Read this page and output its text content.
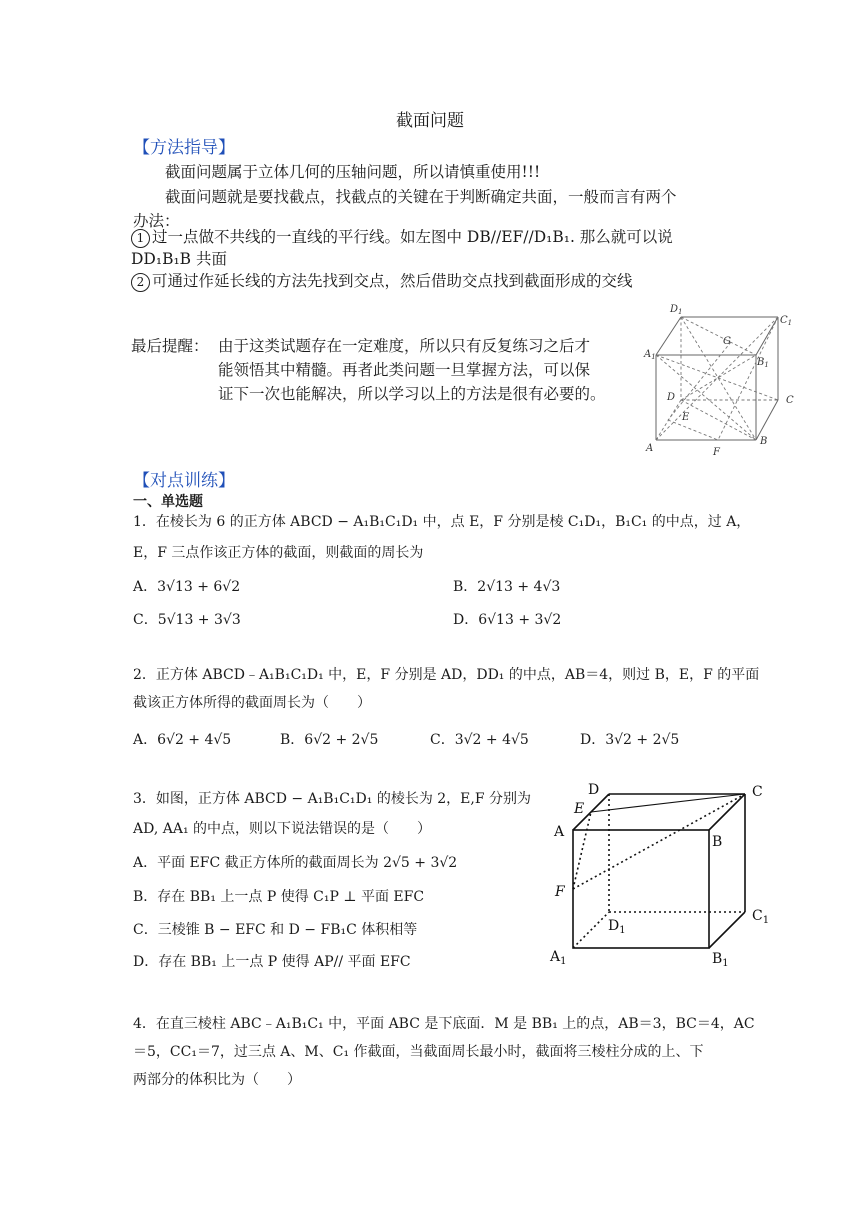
截面问题
【方法指导】
截面问题属于立体几何的压轴问题，所以请慎重使用!!!
截面问题就是要找截点，找截点的关键在于判断确定共面，一般而言有两个
办法：
1 过一点做不共线的一直线的平行线。如左图中 DB//EF//D₁B₁. 那么就可以说
DD₁B₁B 共面
2 可通过作延长线的方法先找到交点，然后借助交点找到截面形成的交线
最后提醒： 由于这类试题存在一定难度，所以只有反复练习之后才
能领悟其中精髓。再者此类问题一旦掌握方法，可以保
证下一次也能解决，所以学习以上的方法是很有必要的。
$D_1$
$C_1$
$A_1$	$B_1$
G
D	C
E
A
B
F
【对点训练】
一、单选题
1．在棱长为 6 的正方体 ABCD − A₁B₁C₁D₁ 中，点 E，F 分别是棱 C₁D₁，B₁C₁ 的中点，过 A，
E，F 三点作该正方体的截面，则截面的周长为
A．3√13 + 6√2	B．2√13 + 4√3
C．5√13 + 3√3	D．6√13 + 3√2
2．正方体 ABCD﹣A₁B₁C₁D₁ 中，E，F 分别是 AD，DD₁ 的中点，AB＝4，则过 B，E，F 的平面
截该正方体所得的截面周长为（　　）
A．6√2 + 4√5	B．6√2 + 2√5	C．3√2 + 4√5	D．3√2 + 2√5
3．如图，正方体 ABCD − A₁B₁C₁D₁ 的棱长为 2，E,F 分别为
AD, AA₁ 的中点，则以下说法错误的是（　　）
A．平面 EFC 截正方体所的截面周长为 2√5 + 3√2
B．存在 BB₁ 上一点 P 使得 C₁P ⊥ 平面 EFC
C．三棱锥 B − EFC 和 D − FB₁C 体积相等
D．存在 BB₁ 上一点 P 使得 AP// 平面 EFC
D	C
E
A
B
F
$D_1$
$C_1$
$A_1$	$B_1$
4．在直三棱柱 ABC﹣A₁B₁C₁ 中，平面 ABC 是下底面．M 是 BB₁ 上的点，AB＝3，BC＝4，AC
＝5，CC₁＝7，过三点 A、M、C₁ 作截面，当截面周长最小时，截面将三棱柱分成的上、下
两部分的体积比为（　　）
